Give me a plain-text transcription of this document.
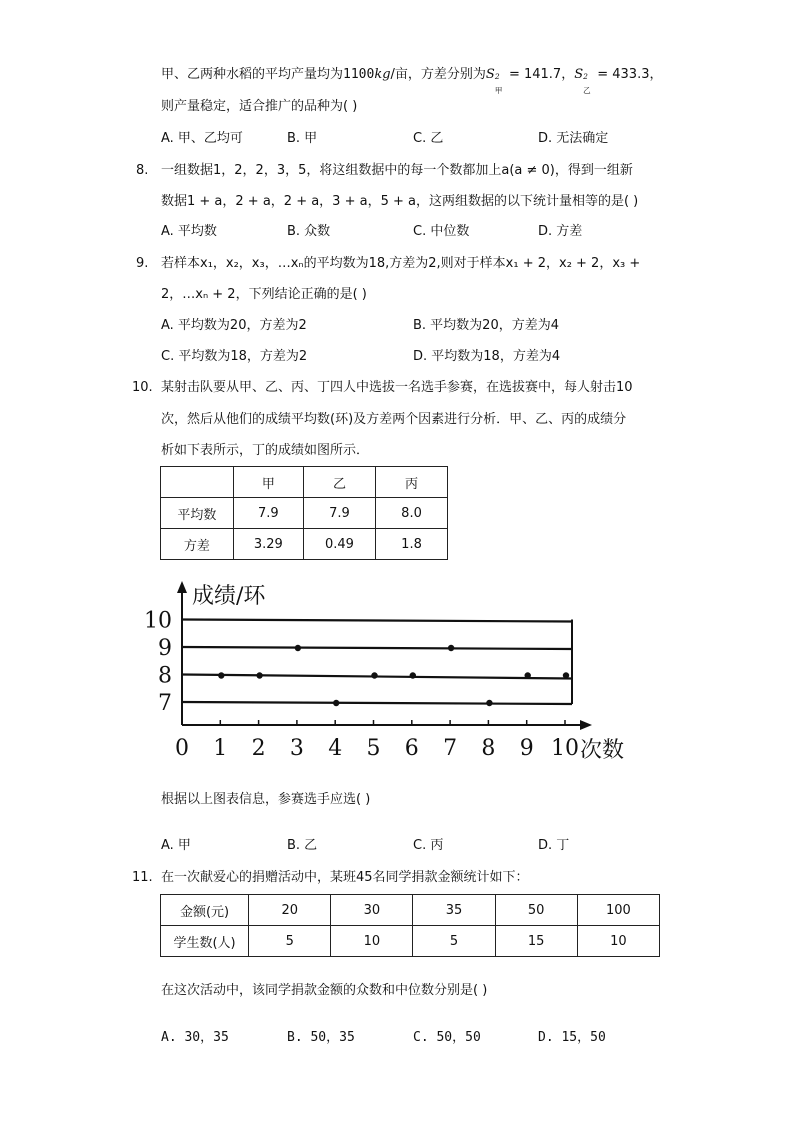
甲、乙两种水稻的平均产量均为1100kg/亩，方差分别为S 2
甲
= 141.7，S 2
乙
= 433.3，
则产量稳定，适合推广的品种为( )
A. 甲、乙均可	B. 甲	C. 乙	D. 无法确定
8. 一组数据1，2，2，3，5，将这组数据中的每一个数都加上a(a ≠ 0)，得到一组新
数据1 + a，2 + a，2 + a，3 + a，5 + a，这两组数据的以下统计量相等的是( )
A. 平均数	B. 众数	C. 中位数	D. 方差
9. 若样本x₁，x₂，x₃，…xₙ的平均数为18,方差为2,则对于样本x₁ + 2，x₂ + 2，x₃ +
2，…xₙ + 2，下列结论正确的是( )
A. 平均数为20，方差为2	B. 平均数为20，方差为4
C. 平均数为18，方差为2	D. 平均数为18，方差为4
10. 某射击队要从甲、乙、丙、丁四人中选拔一名选手参赛，在选拔赛中，每人射击10
次，然后从他们的成绩平均数(环)及方差两个因素进行分析．甲、乙、丙的成绩分
析如下表所示，丁的成绩如图所示．
	甲	乙	丙
平均数	7.9	7.9	8.0
方差	3.29	0.49	1.8
0 1 2 3 4 5 6 7 8 9 10
7
8
9
10
成绩/环
次数
根据以上图表信息，参赛选手应选( )
A. 甲	B. 乙	C. 丙	D. 丁
11. 在一次献爱心的捐赠活动中，某班45名同学捐款金额统计如下：
金额(元)	20	30	35	50	100
学生数(人)	5	10	5	15	10
在这次活动中，该同学捐款金额的众数和中位数分别是( )
A. 30，35	B. 50，35	C. 50，50	D. 15，50
